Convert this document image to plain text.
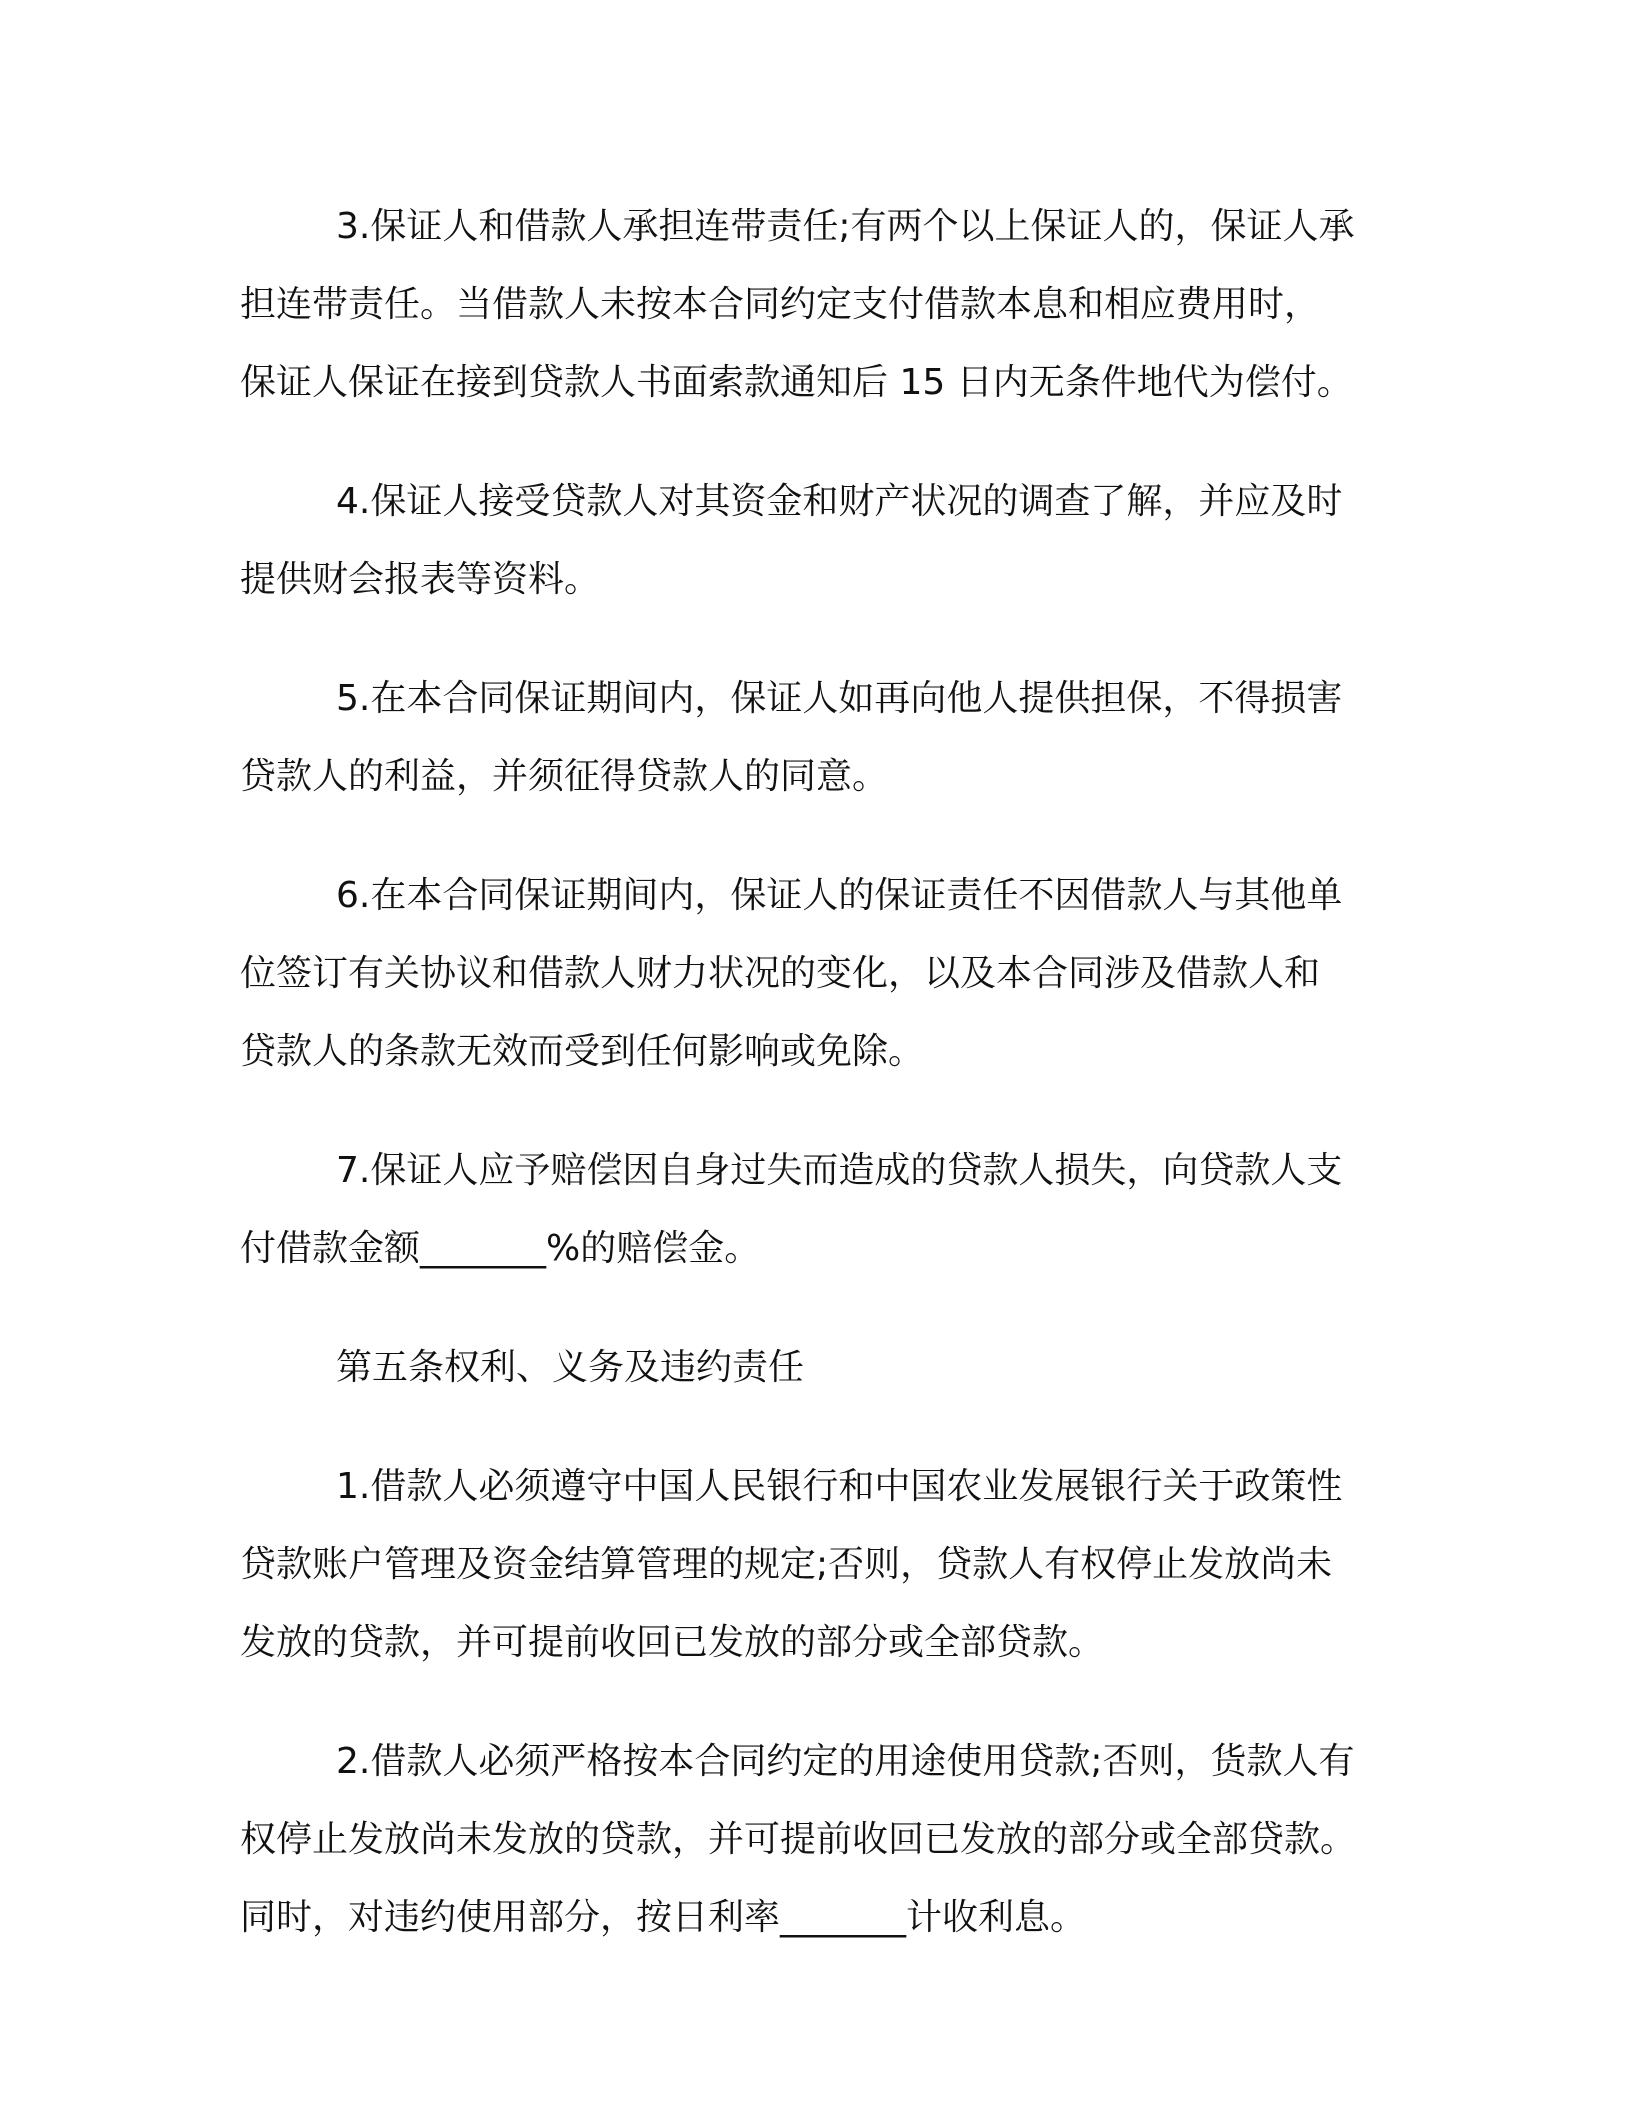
3.保证人和借款人承担连带责任;有两个以上保证人的，保证人承
担连带责任。当借款人未按本合同约定支付借款本息和相应费用时，
保证人保证在接到贷款人书面索款通知后 15 日内无条件地代为偿付。

4.保证人接受贷款人对其资金和财产状况的调查了解，并应及时
提供财会报表等资料。

5.在本合同保证期间内，保证人如再向他人提供担保，不得损害
贷款人的利益，并须征得贷款人的同意。

6.在本合同保证期间内，保证人的保证责任不因借款人与其他单
位签订有关协议和借款人财力状况的变化，以及本合同涉及借款人和
贷款人的条款无效而受到任何影响或免除。

7.保证人应予赔偿因自身过失而造成的贷款人损失，向贷款人支
付借款金额_______%的赔偿金。

第五条权利、义务及违约责任

1.借款人必须遵守中国人民银行和中国农业发展银行关于政策性
贷款账户管理及资金结算管理的规定;否则，贷款人有权停止发放尚未
发放的贷款，并可提前收回已发放的部分或全部贷款。

2.借款人必须严格按本合同约定的用途使用贷款;否则，货款人有
权停止发放尚未发放的贷款，并可提前收回已发放的部分或全部贷款。
同时，对违约使用部分，按日利率_______计收利息。
